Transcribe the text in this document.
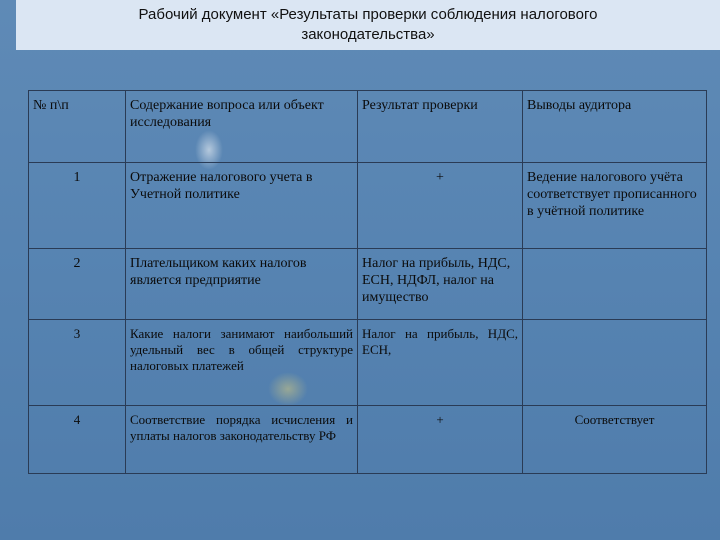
Рабочий документ «Результаты проверки соблюдения налогового
законодательства»
№ п\п	Содержание вопроса или объект исследования	Результат проверки	Выводы аудитора
1	Отражение налогового учета в Учетной политике	+	Ведение налогового учёта соответствует прописанного в учётной политике
2	Плательщиком каких налогов является предприятие	Налог на прибыль, НДС, ЕСН, НДФЛ, налог на имущество	
3	Какие налоги занимают наибольший удельный вес в общей структуре налоговых платежей	Налог на прибыль, НДС, ЕСН,	
4	Соответствие порядка исчисления и уплаты налогов законодательству РФ	+	Соответствует
